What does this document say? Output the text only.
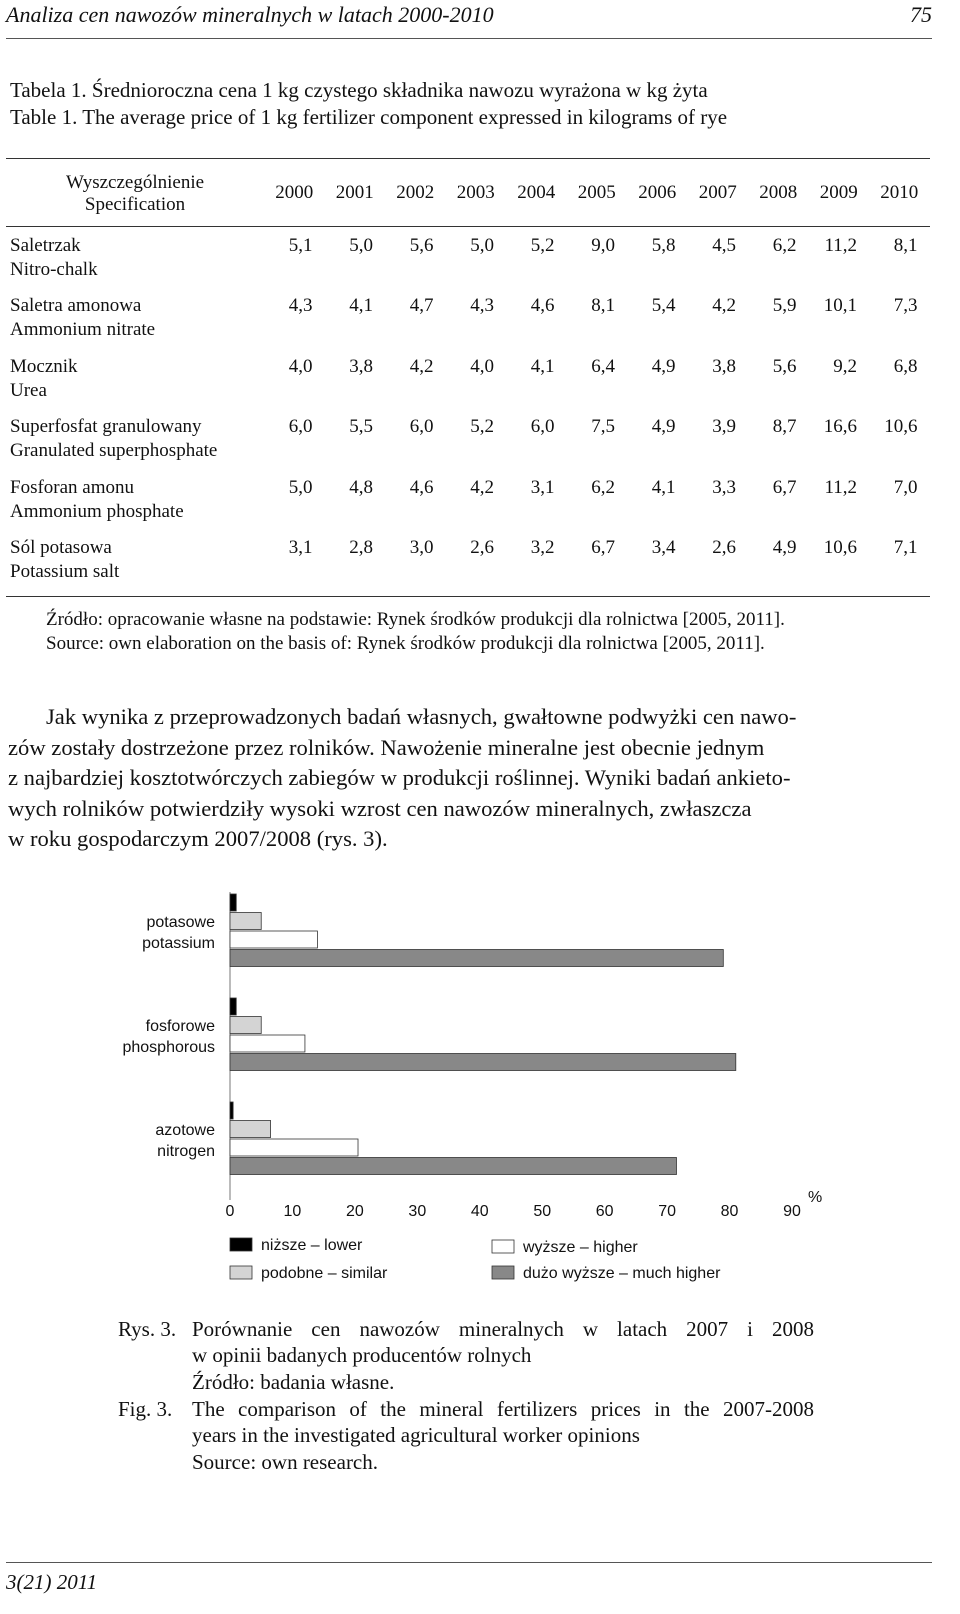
Analiza cen nawozów mineralnych w latach 2000-2010	75
Tabela 1. Średnioroczna cena 1 kg czystego składnika nawozu wyrażona w kg żyta
Table 1. The average price of 1 kg fertilizer component expressed in kilograms of rye
Wyszczególnienie
Specification
2000	2001	2002	2003	2004	2005	2006	2007	2008	2009	2010
Saletrzak
Nitro-chalk
5,1	5,0	5,6	5,0	5,2	9,0	5,8	4,5	6,2	11,2	8,1
Saletra amonowa
Ammonium nitrate
4,3	4,1	4,7	4,3	4,6	8,1	5,4	4,2	5,9	10,1	7,3
Mocznik
Urea
4,0	3,8	4,2	4,0	4,1	6,4	4,9	3,8	5,6	9,2	6,8
Superfosfat granulowany
Granulated superphosphate
6,0	5,5	6,0	5,2	6,0	7,5	4,9	3,9	8,7	16,6	10,6
Fosforan amonu
Ammonium phosphate
5,0	4,8	4,6	4,2	3,1	6,2	4,1	3,3	6,7	11,2	7,0
Sól potasowa
Potassium salt
3,1	2,8	3,0	2,6	3,2	6,7	3,4	2,6	4,9	10,6	7,1
Źródło: opracowanie własne na podstawie: Rynek środków produkcji dla rolnictwa [2005, 2011].
Source: own elaboration on the basis of: Rynek środków produkcji dla rolnictwa [2005, 2011].
Jak wynika z przeprowadzonych badań własnych, gwałtowne podwyżki cen nawo-
zów zostały dostrzeżone przez rolników. Nawożenie mineralne jest obecnie jednym
z najbardziej kosztotwórczych zabiegów w produkcji roślinnej. Wyniki badań ankieto-
wych rolników potwierdziły wysoki wzrost cen nawozów mineralnych, zwłaszcza
w roku gospodarczym 2007/2008 (rys. 3).
potasowe
potassium
fosforowe
phosphorous
azotowe
nitrogen
0	10	20	30	40	50	60	70	80	90
%
niższe – lower
podobne – similar
wyższe – higher
dużo wyższe – much higher
Rys. 3. Porównanie cen nawozów mineralnych w latach 2007 i 2008
w opinii badanych producentów rolnych
Źródło: badania własne.
Fig. 3. The comparison of the mineral fertilizers prices in the 2007-2008
years in the investigated agricultural worker opinions
Source: own research.
3(21) 2011
